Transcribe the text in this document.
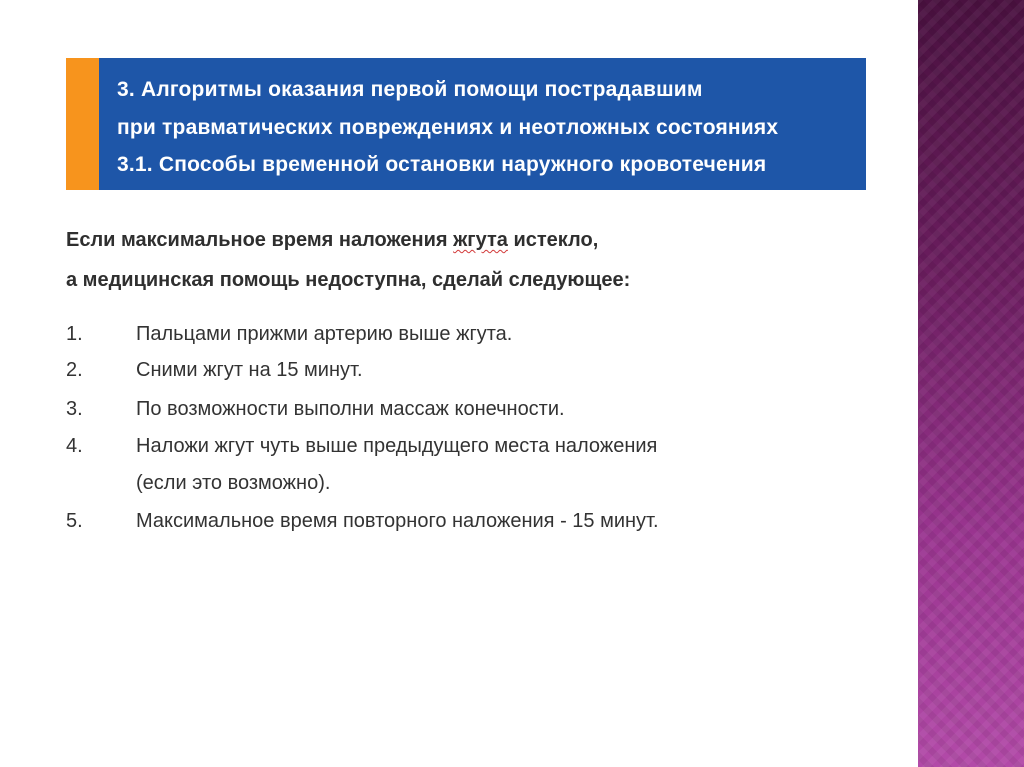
3. Алгоритмы оказания первой помощи пострадавшим
при травматических повреждениях и неотложных состояниях
3.1. Способы временной остановки наружного кровотечения
Если максимальное время наложения жгута истекло,
а медицинская помощь недоступна, сделай следующее:
1.	Пальцами прижми артерию выше жгута.
2.	Сними жгут на 15 минут.
3.	По возможности выполни массаж конечности.
4.	Наложи жгут чуть выше предыдущего места наложения
(если это возможно).
5.	Максимальное время повторного наложения - 15 минут.
